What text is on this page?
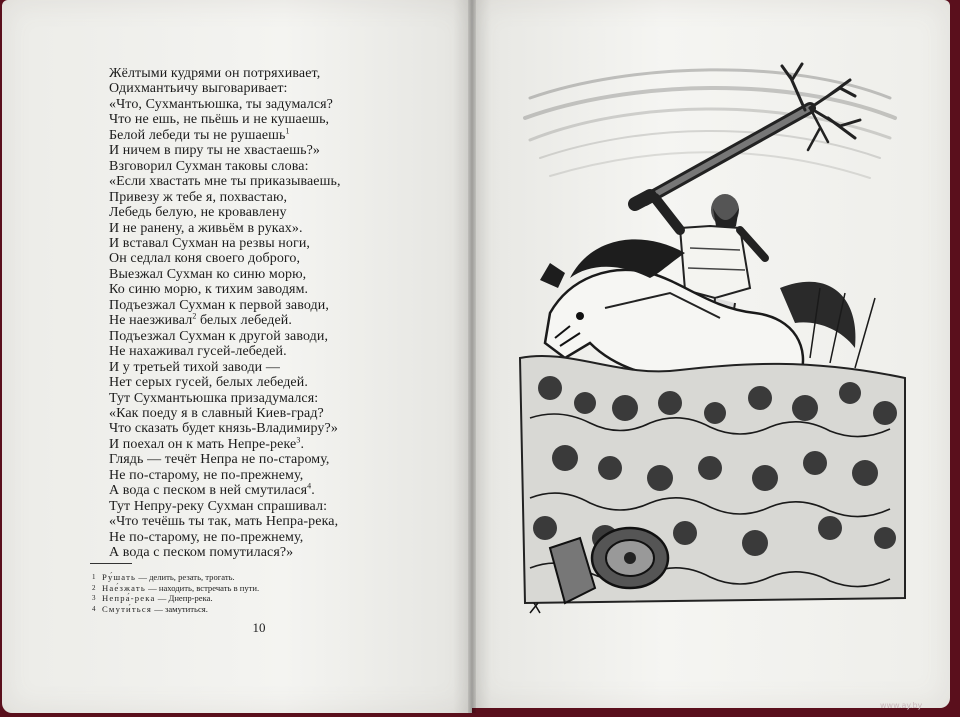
Жёлтыми кудрями он потряхивает,
Одихмантьичу выговаривает:
«Что, Сухмантьюшка, ты задумался?
Что не ешь, не пьёшь и не кушаешь,
Белой лебеди ты не рушаешь$^1$
И ничем в пиру ты не хвастаешь?»
Взговорил Сухман таковы слова:
«Если хвастать мне ты приказываешь,
Привезу ж тебе я, похвастаю,
Лебедь белую, не кровавлену
И не ранену, а живьём в руках».
И вставал Сухман на резвы ноги,
Он седлал коня своего доброго,
Выезжал Сухман ко синю морю,
Ко синю морю, к тихим заводям.
Подъезжал Сухман к первой заводи,
Не наезживал$^2$ белых лебедей.
Подъезжал Сухман к другой заводи,
Не нахаживал гусей-лебедей.
И у третьей тихой заводи —
Нет серых гусей, белых лебедей.
Тут Сухмантьюшка призадумался:
«Как поеду я в славный Киев-град?
Что сказать будет князь-Владимиру?»
И поехал он к мать Непре-реке$^3$.
Глядь — течёт Непра не по-старому,
Не по-старому, не по-прежнему,
А вода с песком в ней смутилася$^4$.
Тут Непру-реку Сухман спрашивал:
«Что течёшь ты так, мать Непра-река,
Не по-старому, не по-прежнему,
А вода с песком помутилася?»
1 Ру́шать — делить, резать, трогать.
2 Нае́зжать — находить, встречать в пути.
3 Непра́-река — Днепр-река.
4 Смути́ться — замутиться.
10
www.ay.by
